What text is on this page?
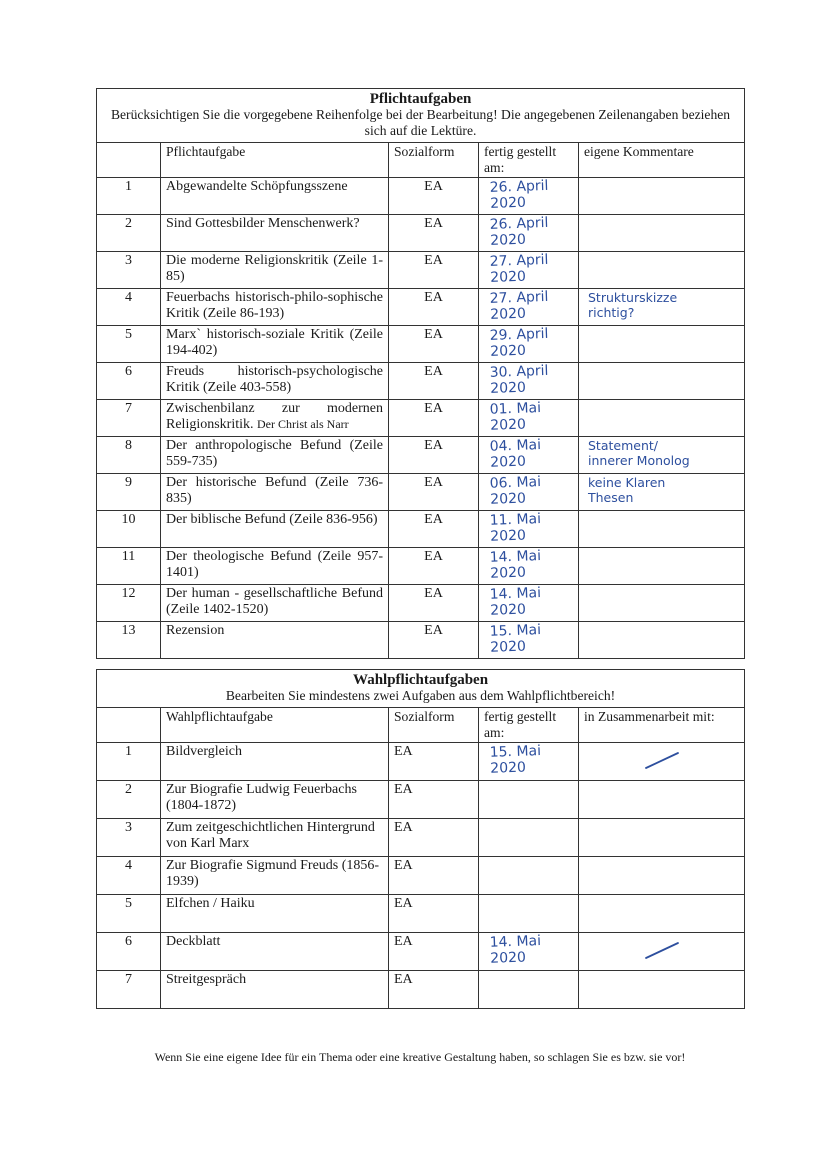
Pflichtaufgaben
Berücksichtigen Sie die vorgegebene Reihenfolge bei der Bearbeitung! Die angegebenen Zeilenangaben beziehen sich auf die Lektüre.				

	Pflichtaufgabe	Sozialform	fertig gestellt am:	eigene Kommentare
1	Abgewandelte Schöpfungsszene	EA	26. April
2020	
2	Sind Gottesbilder Menschenwerk?	EA	26. April
2020	
3	Die moderne Religionskritik (Zeile 1-85)	EA	27. April
2020	
4	Feuerbachs historisch-philo-sophische Kritik (Zeile 86-193)	EA	27. April
2020	Strukturskizze
richtig?
5	Marx` historisch-soziale Kritik (Zeile 194-402)	EA	29. April
2020	
6	Freuds historisch-psychologische Kritik (Zeile 403-558)	EA	30. April
2020	
7	Zwischenbilanz zur modernen Religionskritik. Der Christ als Narr	EA	01. Mai
2020	
8	Der anthropologische Befund (Zeile 559-735)	EA	04. Mai
2020	Statement/
innerer Monolog
9	Der historische Befund (Zeile 736-835)	EA	06. Mai
2020	keine Klaren
Thesen
10	Der biblische Befund (Zeile 836-956)	EA	11. Mai
2020	
11	Der theologische Befund (Zeile 957-1401)	EA	14. Mai
2020	
12	Der human - gesellschaftliche Befund (Zeile 1402-1520)	EA	14. Mai
2020	
13	Rezension	EA	15. Mai
2020	

Wahlpflichtaufgaben
Bearbeiten Sie mindestens zwei Aufgaben aus dem Wahlpflichtbereich!				

	Wahlpflichtaufgabe	Sozialform	fertig gestellt am:	in Zusammenarbeit mit:
1	Bildvergleich	EA	15. Mai
2020	

2	Zur Biografie Ludwig Feuerbachs (1804-1872)	EA		
3	Zum zeitgeschichtlichen Hintergrund von Karl Marx	EA		
4	Zur Biografie Sigmund Freuds (1856-1939)	EA		
5	Elfchen / Haiku	EA		
6	Deckblatt	EA	14. Mai
2020	

7	Streitgespräch	EA		
Wenn Sie eine eigene Idee für ein Thema oder eine kreative Gestaltung haben, so schlagen Sie es bzw. sie vor!
